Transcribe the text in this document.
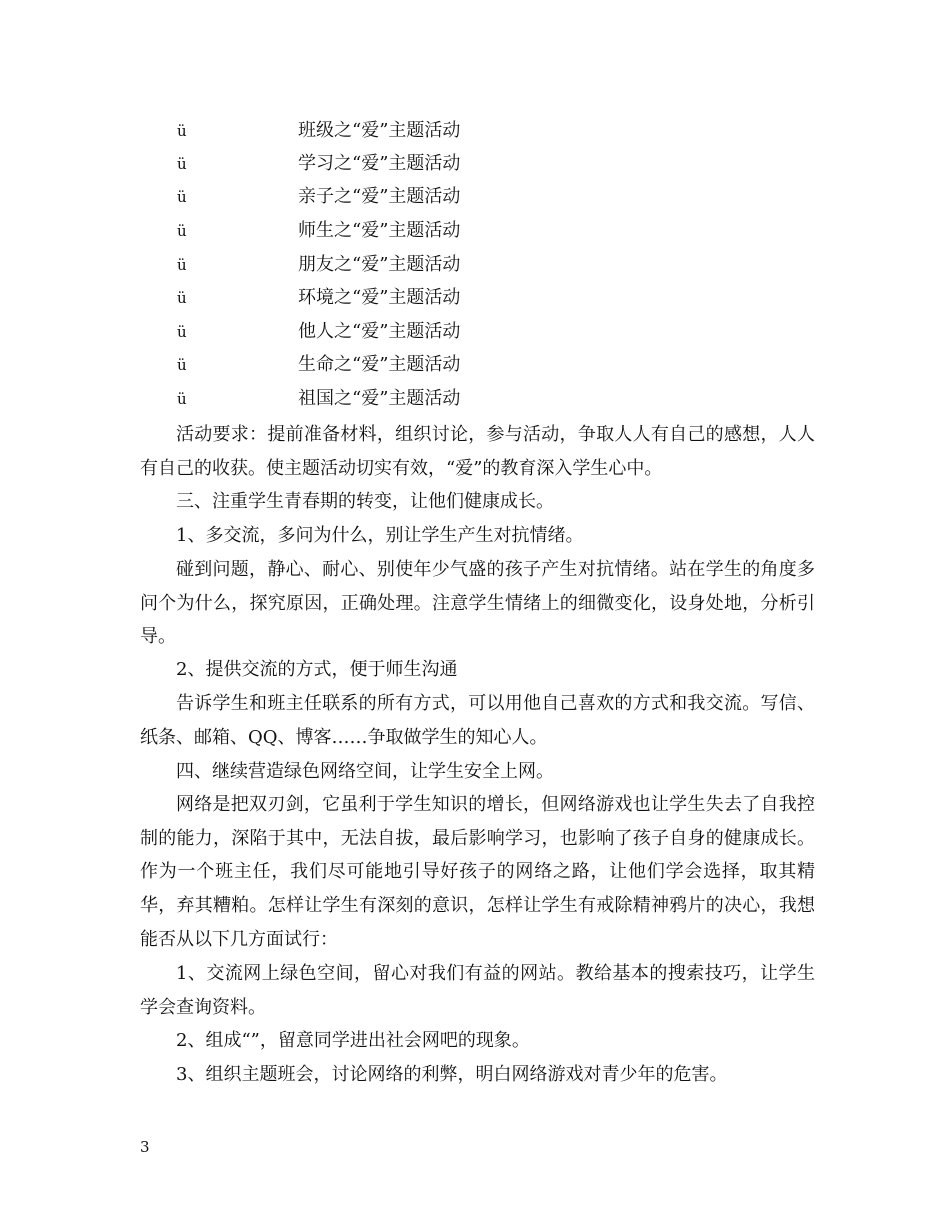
ü	班级之“爱”主题活动
ü	学习之“爱”主题活动
ü	亲子之“爱”主题活动
ü	师生之“爱”主题活动
ü	朋友之“爱”主题活动
ü	环境之“爱”主题活动
ü	他人之“爱”主题活动
ü	生命之“爱”主题活动
ü	祖国之“爱”主题活动

活动要求：提前准备材料，组织讨论，参与活动，争取人人有自己的感想，人人有自己的收获。使主题活动切实有效，“爱”的教育深入学生心中。

三、注重学生青春期的转变，让他们健康成长。

1、多交流，多问为什么，别让学生产生对抗情绪。

碰到问题，静心、耐心、别使年少气盛的孩子产生对抗情绪。站在学生的角度多问个为什么，探究原因，正确处理。注意学生情绪上的细微变化，设身处地，分析引导。

2、提供交流的方式，便于师生沟通

告诉学生和班主任联系的所有方式，可以用他自己喜欢的方式和我交流。写信、纸条、邮箱、QQ、博客……争取做学生的知心人。

四、继续营造绿色网络空间，让学生安全上网。

网络是把双刃剑，它虽利于学生知识的增长，但网络游戏也让学生失去了自我控制的能力，深陷于其中，无法自拔，最后影响学习，也影响了孩子自身的健康成长。作为一个班主任，我们尽可能地引导好孩子的网络之路，让他们学会选择，取其精华，弃其糟粕。怎样让学生有深刻的意识，怎样让学生有戒除精神鸦片的决心，我想能否从以下几方面试行：

1、交流网上绿色空间，留心对我们有益的网站。教给基本的搜索技巧，让学生学会查询资料。

2、组成“”，留意同学进出社会网吧的现象。

3、组织主题班会，讨论网络的利弊，明白网络游戏对青少年的危害。

3
